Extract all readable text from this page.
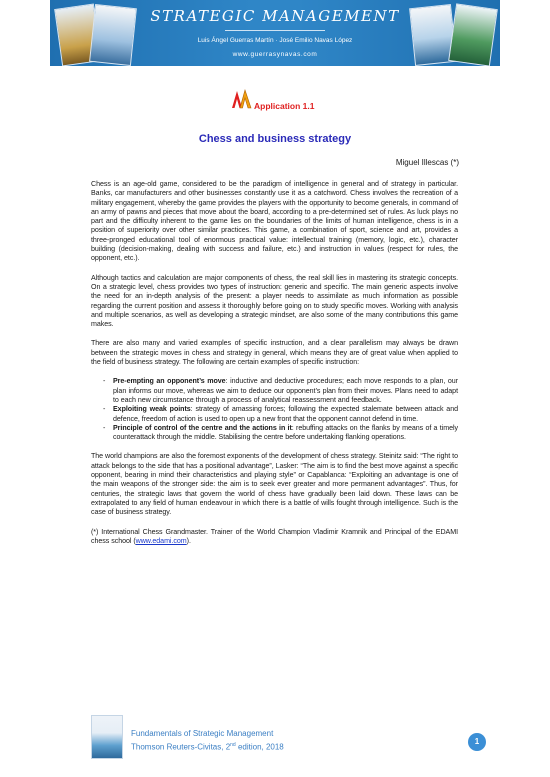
STRATEGIC MANAGEMENT
Luis Ángel Guerras Martín · José Emilio Navas López
www.guerrasynavas.com
Application 1.1
Chess and business strategy
Miguel Illescas (*)

Chess is an age-old game, considered to be the paradigm of intelligence in general and of strategy in particular. Banks, car manufacturers and other businesses constantly use it as a catchword. Chess involves the recreation of a military engagement, whereby the game provides the players with the opportunity to become generals, in command of an army of pawns and pieces that move about the board, according to a pre-determined set of rules. As luck plays no part and the difficulty inherent to the game lies on the boundaries of the limits of human intelligence, chess is in a position of superiority over other similar practices. This game, a combination of sport, science and art, provides a three-pronged educational tool of enormous practical value: intellectual training (memory, logic, etc.), character building (decision-making, dealing with success and failure, etc.) and instruction in values (respect for rules, the opponent, etc.).

Although tactics and calculation are major components of chess, the real skill lies in mastering its strategic concepts. On a strategic level, chess provides two types of instruction: generic and specific. The main generic aspects involve the need for an in-depth analysis of the present: a player needs to assimilate as much information as possible regarding the current position and assess it thoroughly before going on to study specific moves. Working with analysis and multiple scenarios, as well as developing a strategic mindset, are also some of the many contributions this game makes.

There are also many and varied examples of specific instruction, and a clear parallelism may always be drawn between the strategic moves in chess and strategy in general, which means they are of great value when applied to the field of business strategy. The following are certain examples of specific instruction:

- Pre-empting an opponent’s move: inductive and deductive procedures; each move responds to a plan, our plan informs our move, whereas we aim to deduce our opponent’s plan from their moves. Plans need to adapt to each new circumstance through a process of analytical reassessment and feedback.
- Exploiting weak points: strategy of amassing forces; following the expected stalemate between attack and defence, freedom of action is used to open up a new front that the opponent cannot defend in time.
- Principle of control of the centre and the actions in it: rebuffing attacks on the flanks by means of a timely counterattack through the middle. Stabilising the centre before undertaking flanking operations.

The world champions are also the foremost exponents of the development of chess strategy. Steinitz said: “The right to attack belongs to the side that has a positional advantage”, Lasker: “The aim is to find the best move against a specific opponent, bearing in mind their characteristics and playing style” or Capablanca: “Exploiting an advantage is one of the main weapons of the stronger side: the aim is to seek ever greater and more permanent advantages”. Thus, for centuries, the strategic laws that govern the world of chess have gradually been laid down. These laws can be extrapolated to any field of human endeavour in which there is a battle of wills fought through intelligence. Such is the case of business strategy.

(*) International Chess Grandmaster. Trainer of the World Champion Vladimir Kramnik and Principal of the EDAMI chess school (www.edami.com).

Fundamentals of Strategic Management
Thomson Reuters-Civitas, 2nd edition, 2018
1
